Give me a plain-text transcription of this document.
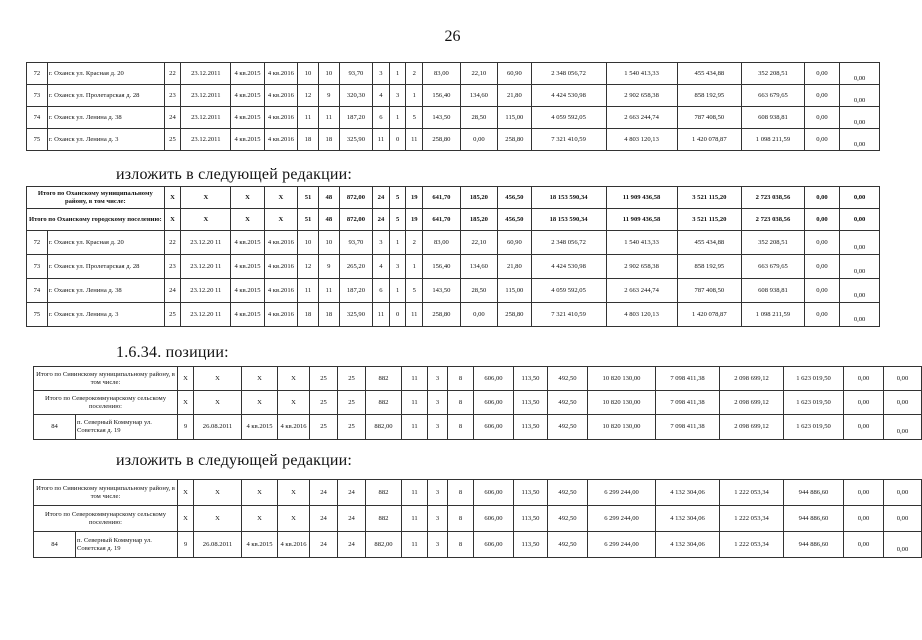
26
72	г. Оханск ул. Красная д. 20	22	23.12.2011	4 кв.2015	4 кв.2016	10	10	93,70	3	1	2	83,00	22,10	60,90	2 348 056,72	1 540 413,33	455 434,88	352 208,51	0,00	0,00
73	г. Оханск ул. Пролетарская д. 28	23	23.12.2011	4 кв.2015	4 кв.2016	12	9	320,30	4	3	1	156,40	134,60	21,80	4 424 530,98	2 902 658,38	858 192,95	663 679,65	0,00	0,00
74	г. Оханск ул. Ленина д. 38	24	23.12.2011	4 кв.2015	4 кв.2016	11	11	187,20	6	1	5	143,50	28,50	115,00	4 059 592,05	2 663 244,74	787 408,50	608 938,81	0,00	0,00
75	г. Оханск ул. Ленина д. 3	25	23.12.2011	4 кв.2015	4 кв.2016	18	18	325,90	11	0	11	258,80	0,00	258,80	7 321 410,59	4 803 120,13	1 420 078,87	1 098 211,59	0,00	0,00
изложить в следующей редакции:
Итого по Оханскому муниципальному району, в том числе:		X	X	X	X	51	48	872,00	24	5	19	641,70	185,20	456,50	18 153 590,34	11 909 436,58	3 521 115,20	2 723 038,56	0,00	0,00
Итого по Оханскому городскому поселению:		X	X	X	X	51	48	872,00	24	5	19	641,70	185,20	456,50	18 153 590,34	11 909 436,58	3 521 115,20	2 723 038,56	0,00	0,00
72	г. Оханск ул. Красная д. 20	22	23.12.20 11	4 кв.2015	4 кв.2016	10	10	93,70	3	1	2	83,00	22,10	60,90	2 348 056,72	1 540 413,33	455 434,88	352 208,51	0,00	0,00
73	г. Оханск ул. Пролетарская д. 28	23	23.12.20 11	4 кв.2015	4 кв.2016	12	9	265,20	4	3	1	156,40	134,60	21,80	4 424 530,98	2 902 658,38	858 192,95	663 679,65	0,00	0,00
74	г. Оханск ул. Ленина д. 38	24	23.12.20 11	4 кв.2015	4 кв.2016	11	11	187,20	6	1	5	143,50	28,50	115,00	4 059 592,05	2 663 244,74	787 408,50	608 938,81	0,00	0,00
75	г. Оханск ул. Ленина д. 3	25	23.12.20 11	4 кв.2015	4 кв.2016	18	18	325,90	11	0	11	258,80	0,00	258,80	7 321 410,59	4 803 120,13	1 420 078,87	1 098 211,59	0,00	0,00
1.6.34. позиции:
Итого по Сивинскому муниципальному району, в том числе:		X	X	X	X	25	25	882	11	3	8	606,00	113,50	492,50	10 820 130,00	7 098 411,38	2 098 699,12	1 623 019,50	0,00	0,00
Итого по Северокоммунарскому сельскому поселению:		X	X	X	X	25	25	882	11	3	8	606,00	113,50	492,50	10 820 130,00	7 098 411,38	2 098 699,12	1 623 019,50	0,00	0,00
84	п. Северный Коммунар ул. Советская д. 19	9	26.08.2011	4 кв.2015	4 кв.2016	25	25	882,00	11	3	8	606,00	113,50	492,50	10 820 130,00	7 098 411,38	2 098 699,12	1 623 019,50	0,00	0,00
изложить в следующей редакции:
Итого по Сивинскому муниципальному району, в том числе:		X	X	X	X	24	24	882	11	3	8	606,00	113,50	492,50	6 299 244,00	4 132 304,06	1 222 053,34	944 886,60	0,00	0,00
Итого по Северокоммунарскому сельскому поселению:		X	X	X	X	24	24	882	11	3	8	606,00	113,50	492,50	6 299 244,00	4 132 304,06	1 222 053,34	944 886,60	0,00	0,00
84	п. Северный Коммунар ул. Советская д. 19	9	26.08.2011	4 кв.2015	4 кв.2016	24	24	882,00	11	3	8	606,00	113,50	492,50	6 299 244,00	4 132 304,06	1 222 053,34	944 886,60	0,00	0,00
